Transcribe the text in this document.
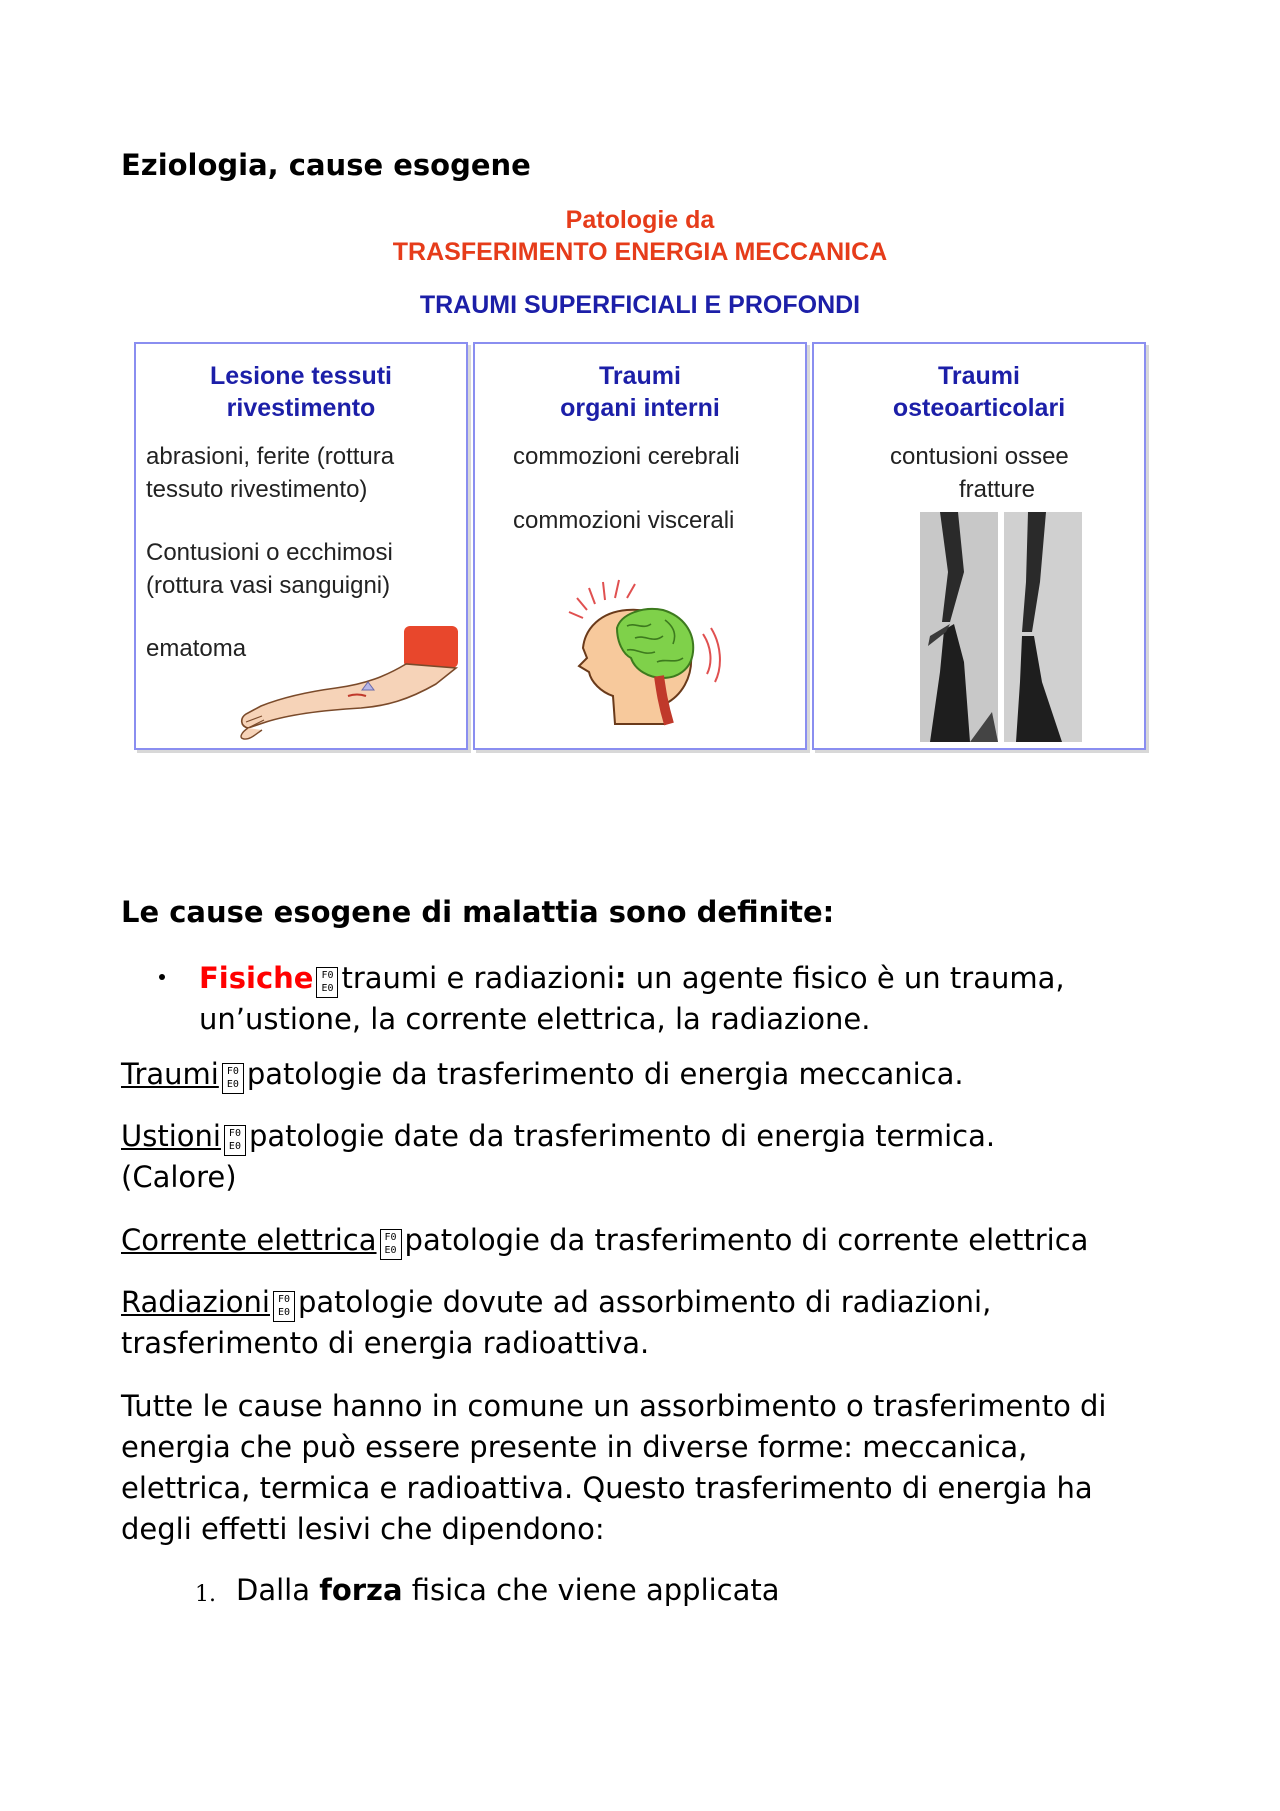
Eziologia, cause esogene
Patologie da
TRASFERIMENTO ENERGIA MECCANICA
TRAUMI SUPERFICIALI E PROFONDI
Lesione tessuti
rivestimento
abrasioni, ferite (rottura
tessuto rivestimento)
Contusioni o ecchimosi
(rottura vasi sanguigni)
ematoma
Traumi
organi interni
commozioni cerebrali
commozioni viscerali
Traumi
osteoarticolari
contusioni ossee
fratture
Le cause esogene di malattia sono definite:
Fisiche F0
E0 traumi e radiazioni: un agente fisico è un trauma,
un’ustione, la corrente elettrica, la radiazione.
Traumi F0
E0 patologie da trasferimento di energia meccanica.
Ustioni F0
E0 patologie date da trasferimento di energia termica.
(Calore)
Corrente elettrica F0
E0 patologie da trasferimento di corrente elettrica
Radiazioni F0
E0 patologie dovute ad assorbimento di radiazioni,
trasferimento di energia radioattiva.
Tutte le cause hanno in comune un assorbimento o trasferimento di
energia che può essere presente in diverse forme: meccanica,
elettrica, termica e radioattiva. Questo trasferimento di energia ha
degli effetti lesivi che dipendono:
1. Dalla forza fisica che viene applicata
